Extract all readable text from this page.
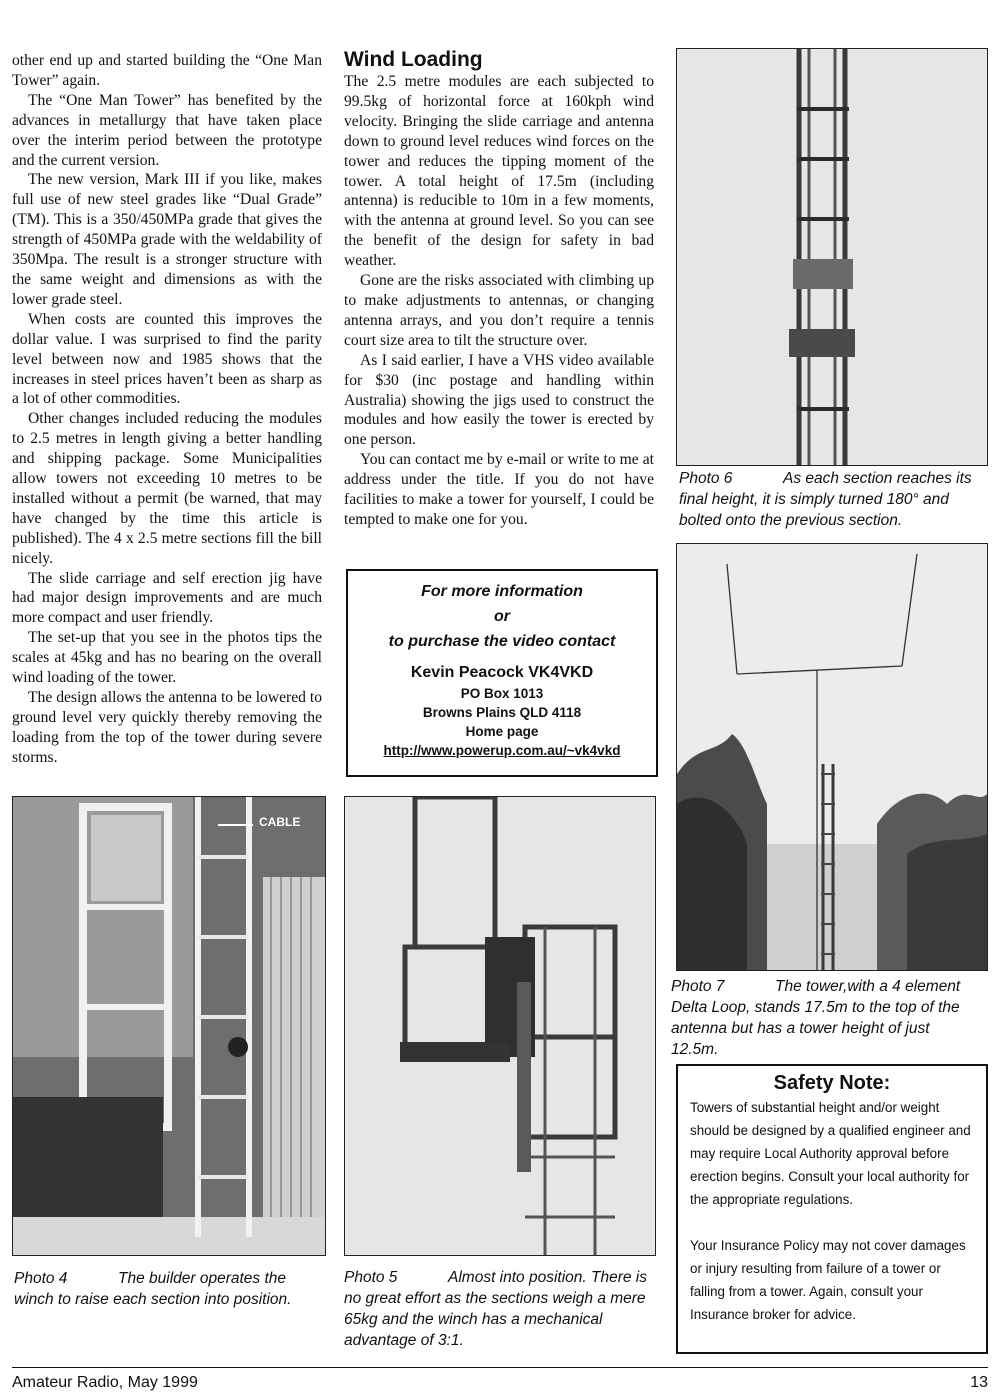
other end up and started building the “One Man Tower” again.

The “One Man Tower” has benefited by the advances in metallurgy that have taken place over the interim period between the prototype and the current version.

The new version, Mark III if you like, makes full use of new steel grades like “Dual Grade” (TM). This is a 350/450MPa grade that gives the strength of 450MPa grade with the weldability of 350Mpa. The result is a stronger structure with the same weight and dimensions as with the lower grade steel.

When costs are counted this improves the dollar value. I was surprised to find the parity level between now and 1985 shows that the increases in steel prices haven’t been as sharp as a lot of other commodities.

Other changes included reducing the modules to 2.5 metres in length giving a better handling and shipping package. Some Municipalities allow towers not exceeding 10 metres to be installed without a permit (be warned, that may have changed by the time this article is published). The 4 x 2.5 metre sections fill the bill nicely.

The slide carriage and self erection jig have had major design improvements and are much more compact and user friendly.

The set-up that you see in the photos tips the scales at 45kg and has no bearing on the overall wind loading of the tower.

The design allows the antenna to be lowered to ground level very quickly thereby removing the loading from the top of the tower during severe storms.

Wind Loading

The 2.5 metre modules are each subjected to 99.5kg of horizontal force at 160kph wind velocity. Bringing the slide carriage and antenna down to ground level reduces wind forces on the tower and reduces the tipping moment of the tower. A total height of 17.5m (including antenna) is reducible to 10m in a few moments, with the antenna at ground level. So you can see the benefit of the design for safety in bad weather.

Gone are the risks associated with climbing up to make adjustments to antennas, or changing antenna arrays, and you don’t require a tennis court size area to tilt the structure over.

As I said earlier, I have a VHS video available for $30 (inc postage and handling within Australia) showing the jigs used to construct the modules and how easily the tower is erected by one person.

You can contact me by e-mail or write to me at address under the title. If you do not have facilities to make a tower for yourself, I could be tempted to make one for you.

For more information
or
to purchase the video contact
Kevin Peacock VK4VKD
PO Box 1013
Browns Plains QLD 4118
Home page
http://www.powerup.com.au/~vk4vkd
Photo 6	As each section reaches its final height, it is simply turned 180° and bolted onto the previous section.
Photo 7	The tower,with a 4 element Delta Loop, stands 17.5m to the top of the antenna but has a tower height of just 12.5m.
Safety Note:

Towers of substantial height and/or weight should be designed by a qualified engineer and may require Local Authority approval before erection begins. Consult your local authority for the appropriate regulations.

Your Insurance Policy may not cover damages or injury resulting from failure of a tower or falling from a tower. Again, consult your Insurance broker for advice.

CABLE
Photo 4	The builder operates the winch to raise each section into position.
Photo 5	Almost into position. There is no great effort as the sections weigh a mere 65kg and the winch has a mechanical advantage of 3:1.
Amateur Radio, May 1999	13
